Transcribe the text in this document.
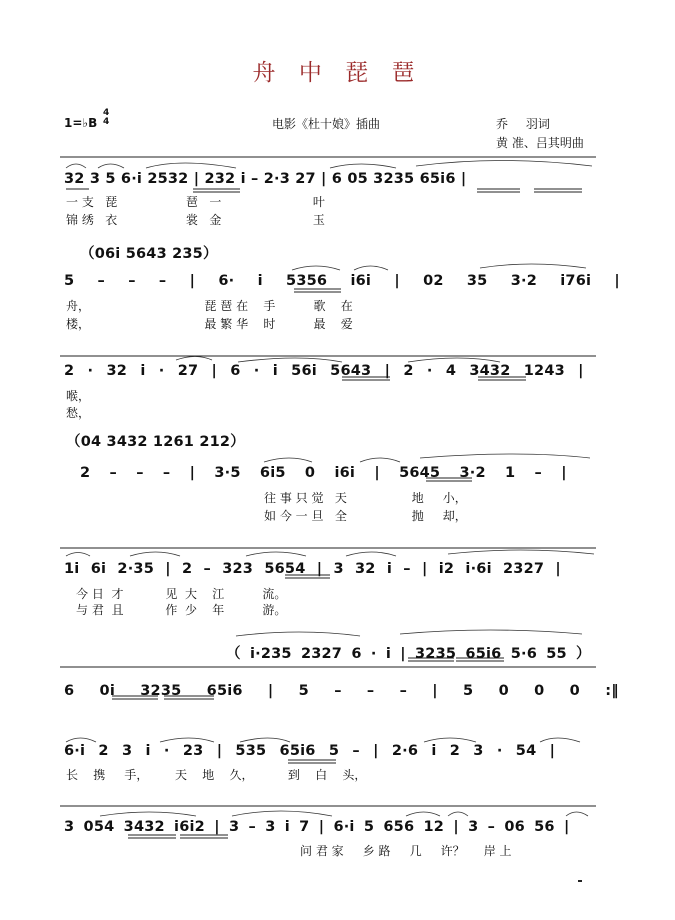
舟 中 琵 琶
1=♭B
4
4	电影《杜十娘》插曲	乔 羽词
黄 准、吕其明曲
32 3 5 6·i 2532 | 232 i – 2·3 27 | 6 05 3235 65i6 |
一 支   琵                  琶   一                        叶
锦 绣   衣                  裳   金                        玉
（06i 5643 235）
5 – – – | 6· i 5356 i6i | 02 35 3·2 i76i |
舟，                              琵 琶 在    手          歌    在
楼，                              最 繁 华    时          最    爱
2 · 32 i · 27 | 6 · i 56i 5643 | 2 · 4 3432 1243 |
喉，
愁，
（04 3432 1261 212）
2 – – – | 3·5 6i5 0 i6i | 5645 3·2 1 – |
往 事 只 觉   天                 地     小，
如 今 一 旦   全                 抛     却，
1i 6i 2·35 | 2 – 323 5654 | 3 32 i – | i2 i·6i 2327 |
今 日  才           见  大    江          流。
与 君  且           作  少    年          游。
（ i·235 2327 6 · i | 3235 65i6 5·6 55 ）
6 0i 3235 65i6 | 5 – – – | 5 0 0 0 :‖
6·i 2 3 i · 23 | 535 65i6 5 – | 2·6 i 2 3 · 54 |
长    携     手，       天    地    久，         到    白    头，
3 054 3432 i6i2 | 3 – 3 i 7 | 6·i 5 656 12 | 3 – 06 56 |
问 君 家     乡 路     几     许？     岸 上
